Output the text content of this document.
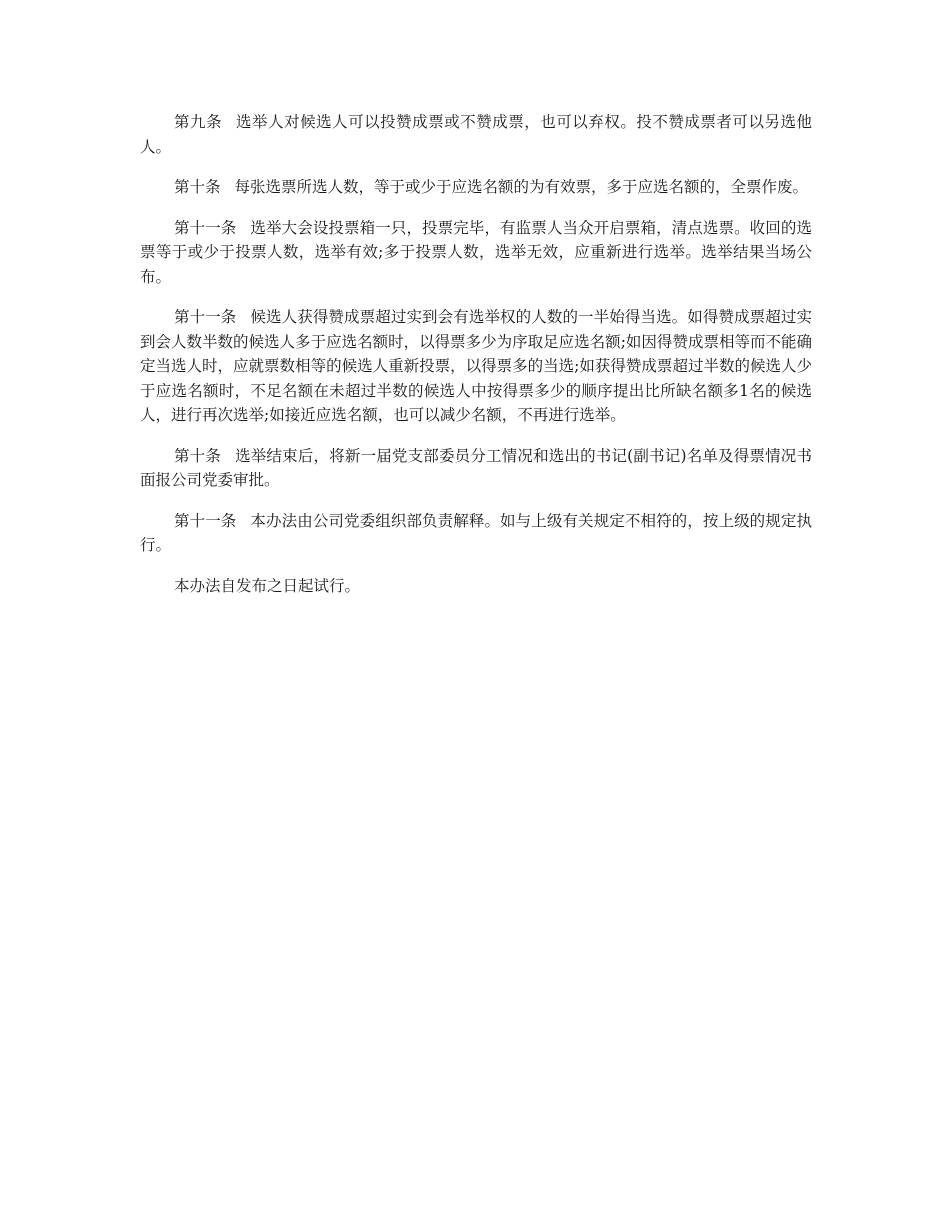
第九条 选举人对候选人可以投赞成票或不赞成票，也可以弃权。投不赞成票者可以另选他人。

第十条 每张选票所选人数，等于或少于应选名额的为有效票，多于应选名额的，全票作废。

第十一条 选举大会设投票箱一只，投票完毕，有监票人当众开启票箱，清点选票。收回的选票等于或少于投票人数，选举有效;多于投票人数，选举无效，应重新进行选举。选举结果当场公布。

第十一条 候选人获得赞成票超过实到会有选举权的人数的一半始得当选。如得赞成票超过实到会人数半数的候选人多于应选名额时，以得票多少为序取足应选名额;如因得赞成票相等而不能确定当选人时，应就票数相等的候选人重新投票，以得票多的当选;如获得赞成票超过半数的候选人少于应选名额时，不足名额在未超过半数的候选人中按得票多少的顺序提出比所缺名额多1名的候选人，进行再次选举;如接近应选名额，也可以减少名额，不再进行选举。

第十条 选举结束后，将新一届党支部委员分工情况和选出的书记(副书记)名单及得票情况书面报公司党委审批。

第十一条 本办法由公司党委组织部负责解释。如与上级有关规定不相符的，按上级的规定执行。

本办法自发布之日起试行。
